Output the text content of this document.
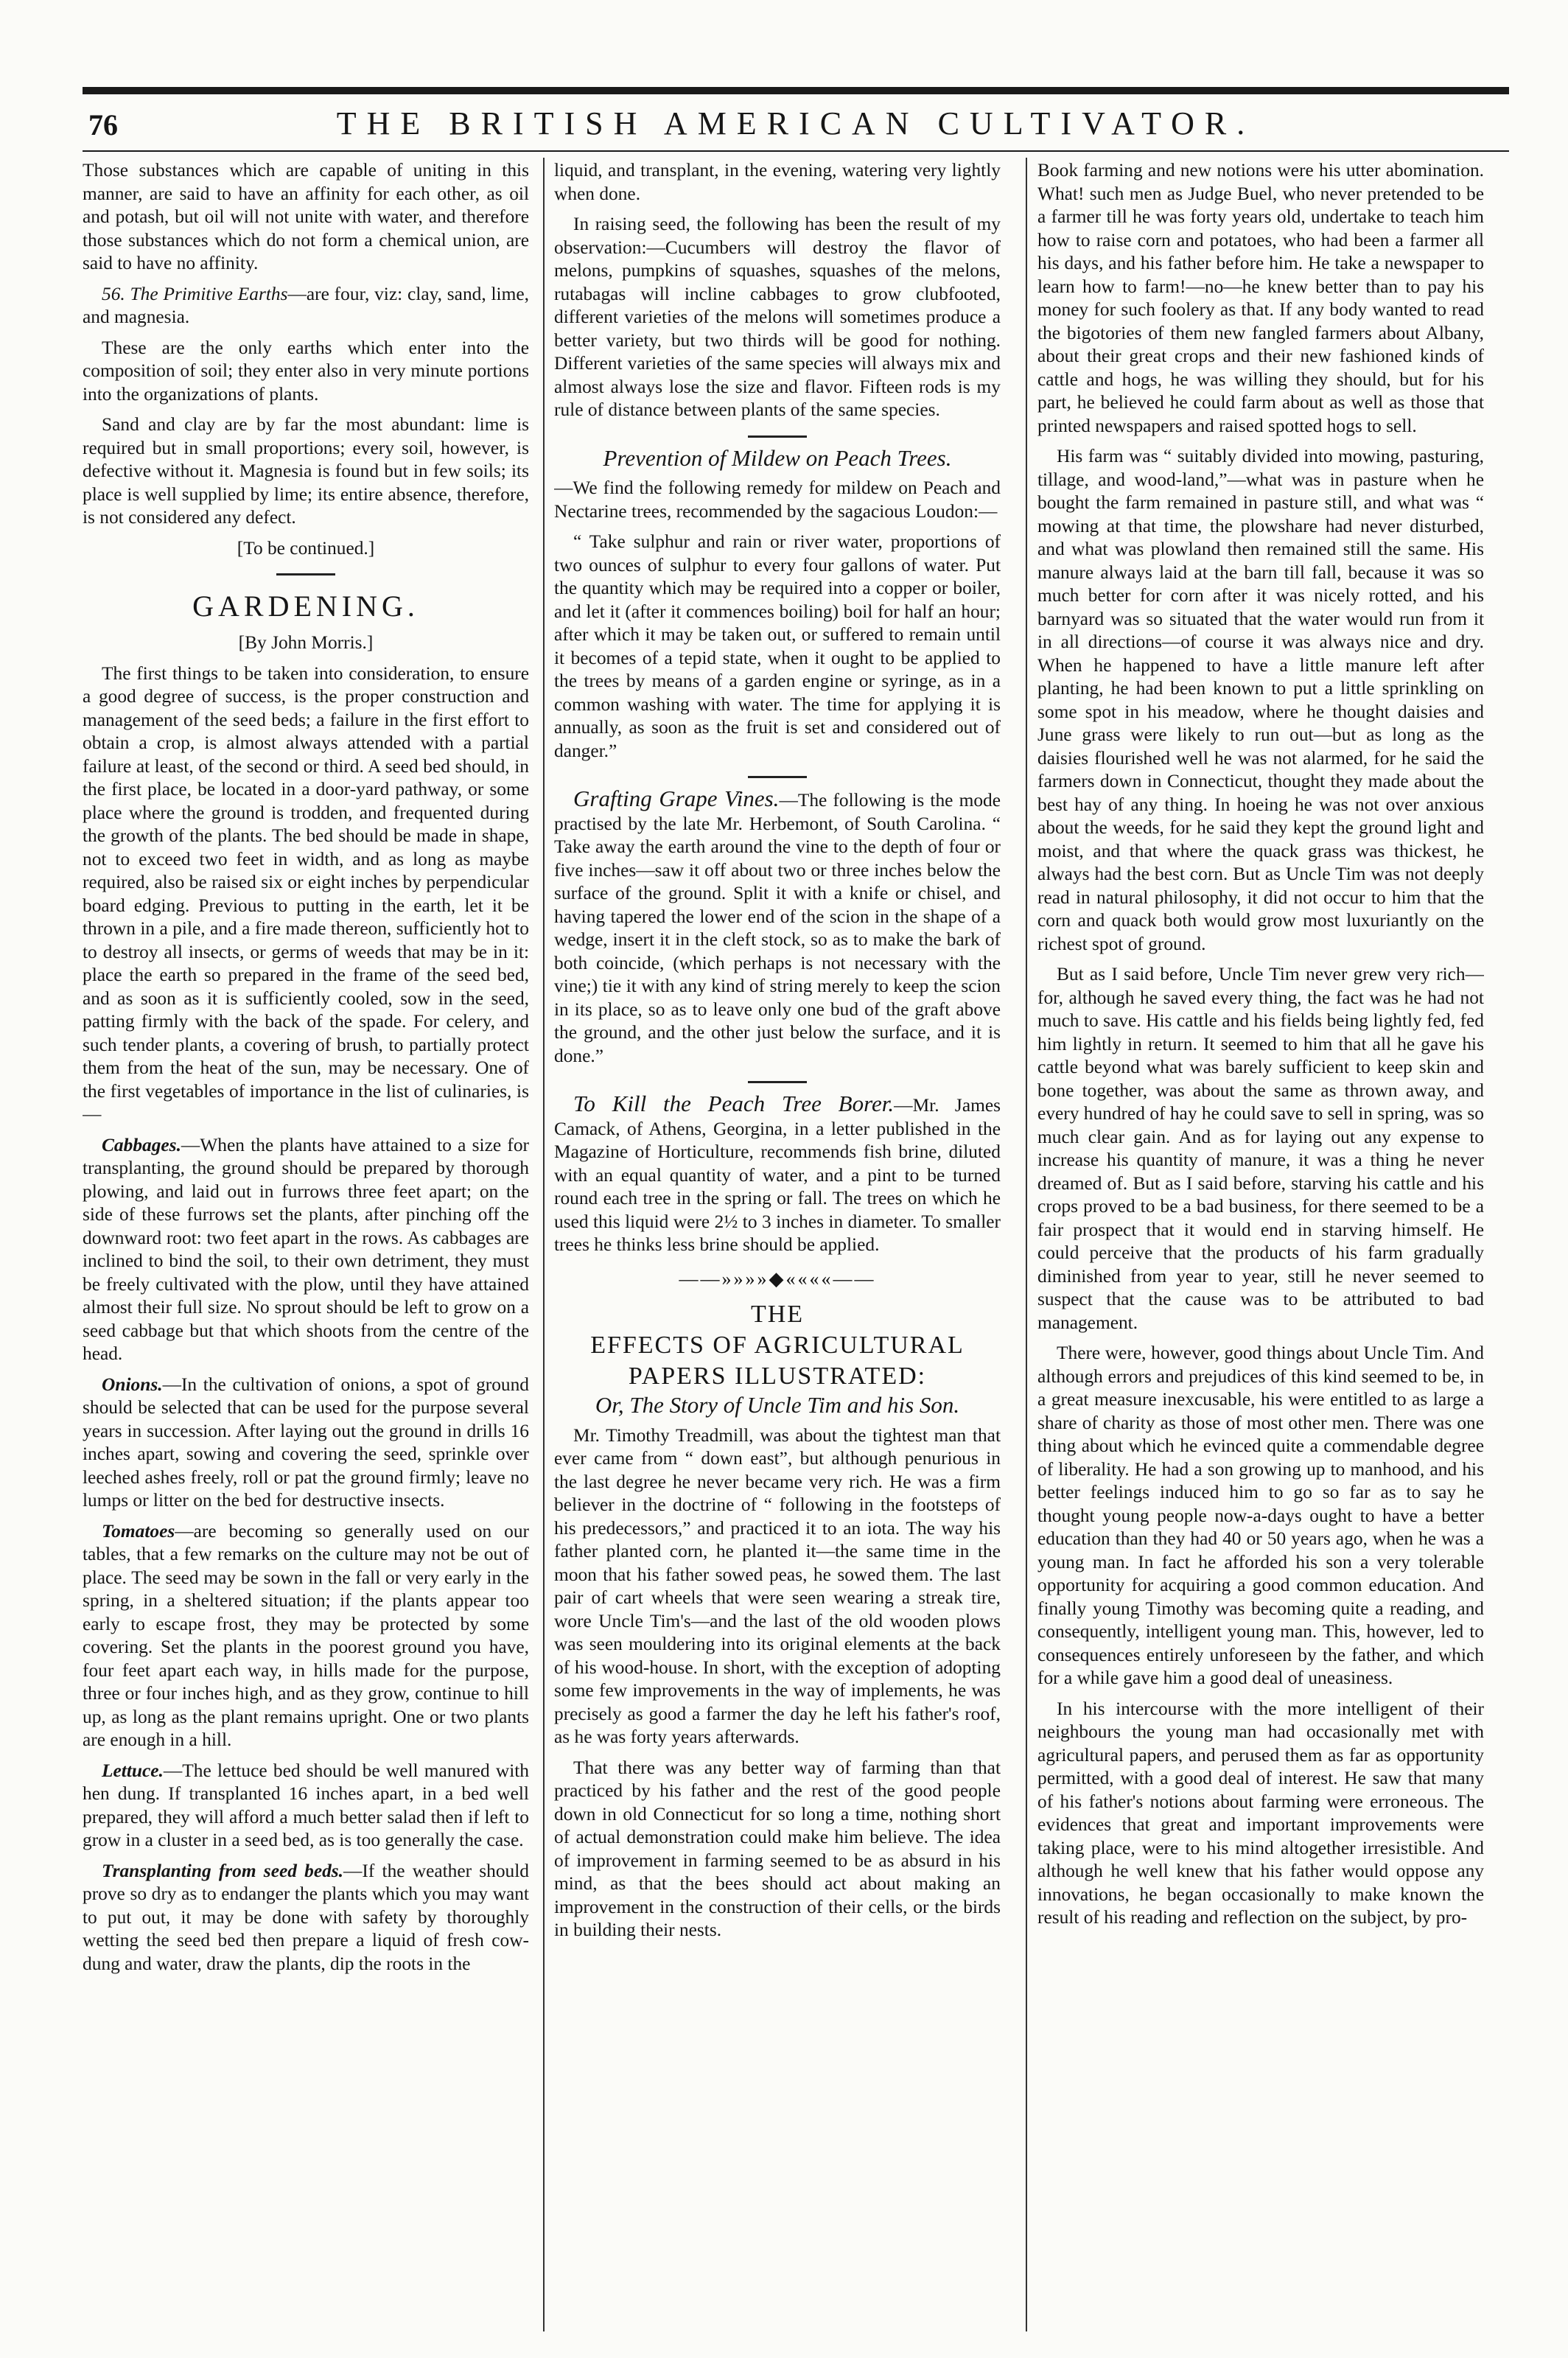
76	THE BRITISH AMERICAN CULTIVATOR.

Those substances which are capable of uniting in this manner, are said to have an affinity for each other, as oil and potash, but oil will not unite with water, and therefore those substances which do not form a chemical union, are said to have no affinity.

56. The Primitive Earths—are four, viz: clay, sand, lime, and magnesia.

These are the only earths which enter into the composition of soil; they enter also in very minute portions into the organizations of plants.

Sand and clay are by far the most abundant: lime is required but in small proportions; every soil, however, is defective without it. Magnesia is found but in few soils; its place is well supplied by lime; its entire absence, therefore, is not considered any defect.

[To be continued.]

GARDENING.

[By John Morris.]

The first things to be taken into consideration, to ensure a good degree of success, is the proper construction and management of the seed beds; a failure in the first effort to obtain a crop, is almost always attended with a partial failure at least, of the second or third. A seed bed should, in the first place, be located in a door-yard pathway, or some place where the ground is trodden, and frequented during the growth of the plants. The bed should be made in shape, not to exceed two feet in width, and as long as maybe required, also be raised six or eight inches by perpendicular board edging. Previous to putting in the earth, let it be thrown in a pile, and a fire made thereon, sufficiently hot to to destroy all insects, or germs of weeds that may be in it: place the earth so prepared in the frame of the seed bed, and as soon as it is sufficiently cooled, sow in the seed, patting firmly with the back of the spade. For celery, and such tender plants, a covering of brush, to partially protect them from the heat of the sun, may be necessary. One of the first vegetables of importance in the list of culinaries, is—

Cabbages.—When the plants have attained to a size for transplanting, the ground should be prepared by thorough plowing, and laid out in furrows three feet apart; on the side of these furrows set the plants, after pinching off the downward root: two feet apart in the rows. As cabbages are inclined to bind the soil, to their own detriment, they must be freely cultivated with the plow, until they have attained almost their full size. No sprout should be left to grow on a seed cabbage but that which shoots from the centre of the head.

Onions.—In the cultivation of onions, a spot of ground should be selected that can be used for the purpose several years in succession. After laying out the ground in drills 16 inches apart, sowing and covering the seed, sprinkle over leeched ashes freely, roll or pat the ground firmly; leave no lumps or litter on the bed for destructive insects.

Tomatoes—are becoming so generally used on our tables, that a few remarks on the culture may not be out of place. The seed may be sown in the fall or very early in the spring, in a sheltered situation; if the plants appear too early to escape frost, they may be protected by some covering. Set the plants in the poorest ground you have, four feet apart each way, in hills made for the purpose, three or four inches high, and as they grow, continue to hill up, as long as the plant remains upright. One or two plants are enough in a hill.

Lettuce.—The lettuce bed should be well manured with hen dung. If transplanted 16 inches apart, in a bed well prepared, they will afford a much better salad then if left to grow in a cluster in a seed bed, as is too generally the case.

Transplanting from seed beds.—If the weather should prove so dry as to endanger the plants which you may want to put out, it may be done with safety by thoroughly wetting the seed bed then prepare a liquid of fresh cow-dung and water, draw the plants, dip the roots in the

liquid, and transplant, in the evening, watering very lightly when done.

In raising seed, the following has been the result of my observation:—Cucumbers will destroy the flavor of melons, pumpkins of squashes, squashes of the melons, rutabagas will incline cabbages to grow clubfooted, different varieties of the melons will sometimes produce a better variety, but two thirds will be good for nothing. Different varieties of the same species will always mix and almost always lose the size and flavor. Fifteen rods is my rule of distance between plants of the same species.

Prevention of Mildew on Peach Trees.

—We find the following remedy for mildew on Peach and Nectarine trees, recommended by the sagacious Loudon:—

“ Take sulphur and rain or river water, proportions of two ounces of sulphur to every four gallons of water. Put the quantity which may be required into a copper or boiler, and let it (after it commences boiling) boil for half an hour; after which it may be taken out, or suffered to remain until it becomes of a tepid state, when it ought to be applied to the trees by means of a garden engine or syringe, as in a common washing with water. The time for applying it is annually, as soon as the fruit is set and considered out of danger.”

Grafting Grape Vines.—The following is the mode practised by the late Mr. Herbemont, of South Carolina. “ Take away the earth around the vine to the depth of four or five inches—saw it off about two or three inches below the surface of the ground. Split it with a knife or chisel, and having tapered the lower end of the scion in the shape of a wedge, insert it in the cleft stock, so as to make the bark of both coincide, (which perhaps is not necessary with the vine;) tie it with any kind of string merely to keep the scion in its place, so as to leave only one bud of the graft above the ground, and the other just below the surface, and it is done.”

To Kill the Peach Tree Borer.—Mr. James Camack, of Athens, Georgina, in a letter published in the Magazine of Horticulture, recommends fish brine, diluted with an equal quantity of water, and a pint to be turned round each tree in the spring or fall. The trees on which he used this liquid were 2½ to 3 inches in diameter. To smaller trees he thinks less brine should be applied.

——»»»»◆««««——
THE
EFFECTS OF AGRICULTURAL
PAPERS ILLUSTRATED:

Or, The Story of Uncle Tim and his Son.

Mr. Timothy Treadmill, was about the tightest man that ever came from “ down east”, but although penurious in the last degree he never became very rich. He was a firm believer in the doctrine of “ following in the footsteps of his predecessors,” and practiced it to an iota. The way his father planted corn, he planted it—the same time in the moon that his father sowed peas, he sowed them. The last pair of cart wheels that were seen wearing a streak tire, wore Uncle Tim's—and the last of the old wooden plows was seen mouldering into its original elements at the back of his wood-house. In short, with the exception of adopting some few improvements in the way of implements, he was precisely as good a farmer the day he left his father's roof, as he was forty years afterwards.

That there was any better way of farming than that practiced by his father and the rest of the good people down in old Connecticut for so long a time, nothing short of actual demonstration could make him believe. The idea of improvement in farming seemed to be as absurd in his mind, as that the bees should act about making an improvement in the construction of their cells, or the birds in building their nests.

Book farming and new notions were his utter abomination. What! such men as Judge Buel, who never pretended to be a farmer till he was forty years old, undertake to teach him how to raise corn and potatoes, who had been a farmer all his days, and his father before him. He take a newspaper to learn how to farm!—no—he knew better than to pay his money for such foolery as that. If any body wanted to read the bigotories of them new fangled farmers about Albany, about their great crops and their new fashioned kinds of cattle and hogs, he was willing they should, but for his part, he believed he could farm about as well as those that printed newspapers and raised spotted hogs to sell.

His farm was “ suitably divided into mowing, pasturing, tillage, and wood-land,”—what was in pasture when he bought the farm remained in pasture still, and what was “ mowing at that time, the plowshare had never disturbed, and what was plowland then remained still the same. His manure always laid at the barn till fall, because it was so much better for corn after it was nicely rotted, and his barnyard was so situated that the water would run from it in all directions—of course it was always nice and dry. When he happened to have a little manure left after planting, he had been known to put a little sprinkling on some spot in his meadow, where he thought daisies and June grass were likely to run out—but as long as the daisies flourished well he was not alarmed, for he said the farmers down in Connecticut, thought they made about the best hay of any thing. In hoeing he was not over anxious about the weeds, for he said they kept the ground light and moist, and that where the quack grass was thickest, he always had the best corn. But as Uncle Tim was not deeply read in natural philosophy, it did not occur to him that the corn and quack both would grow most luxuriantly on the richest spot of ground.

But as I said before, Uncle Tim never grew very rich—for, although he saved every thing, the fact was he had not much to save. His cattle and his fields being lightly fed, fed him lightly in return. It seemed to him that all he gave his cattle beyond what was barely sufficient to keep skin and bone together, was about the same as thrown away, and every hundred of hay he could save to sell in spring, was so much clear gain. And as for laying out any expense to increase his quantity of manure, it was a thing he never dreamed of. But as I said before, starving his cattle and his crops proved to be a bad business, for there seemed to be a fair prospect that it would end in starving himself. He could perceive that the products of his farm gradually diminished from year to year, still he never seemed to suspect that the cause was to be attributed to bad management.

There were, however, good things about Uncle Tim. And although errors and prejudices of this kind seemed to be, in a great measure inexcusable, his were entitled to as large a share of charity as those of most other men. There was one thing about which he evinced quite a commendable degree of liberality. He had a son growing up to manhood, and his better feelings induced him to go so far as to say he thought young people now-a-days ought to have a better education than they had 40 or 50 years ago, when he was a young man. In fact he afforded his son a very tolerable opportunity for acquiring a good common education. And finally young Timothy was becoming quite a reading, and consequently, intelligent young man. This, however, led to consequences entirely unforeseen by the father, and which for a while gave him a good deal of uneasiness.

In his intercourse with the more intelligent of their neighbours the young man had occasionally met with agricultural papers, and perused them as far as opportunity permitted, with a good deal of interest. He saw that many of his father's notions about farming were erroneous. The evidences that great and important improvements were taking place, were to his mind altogether irresistible. And although he well knew that his father would oppose any innovations, he began occasionally to make known the result of his reading and reflection on the subject, by pro-
